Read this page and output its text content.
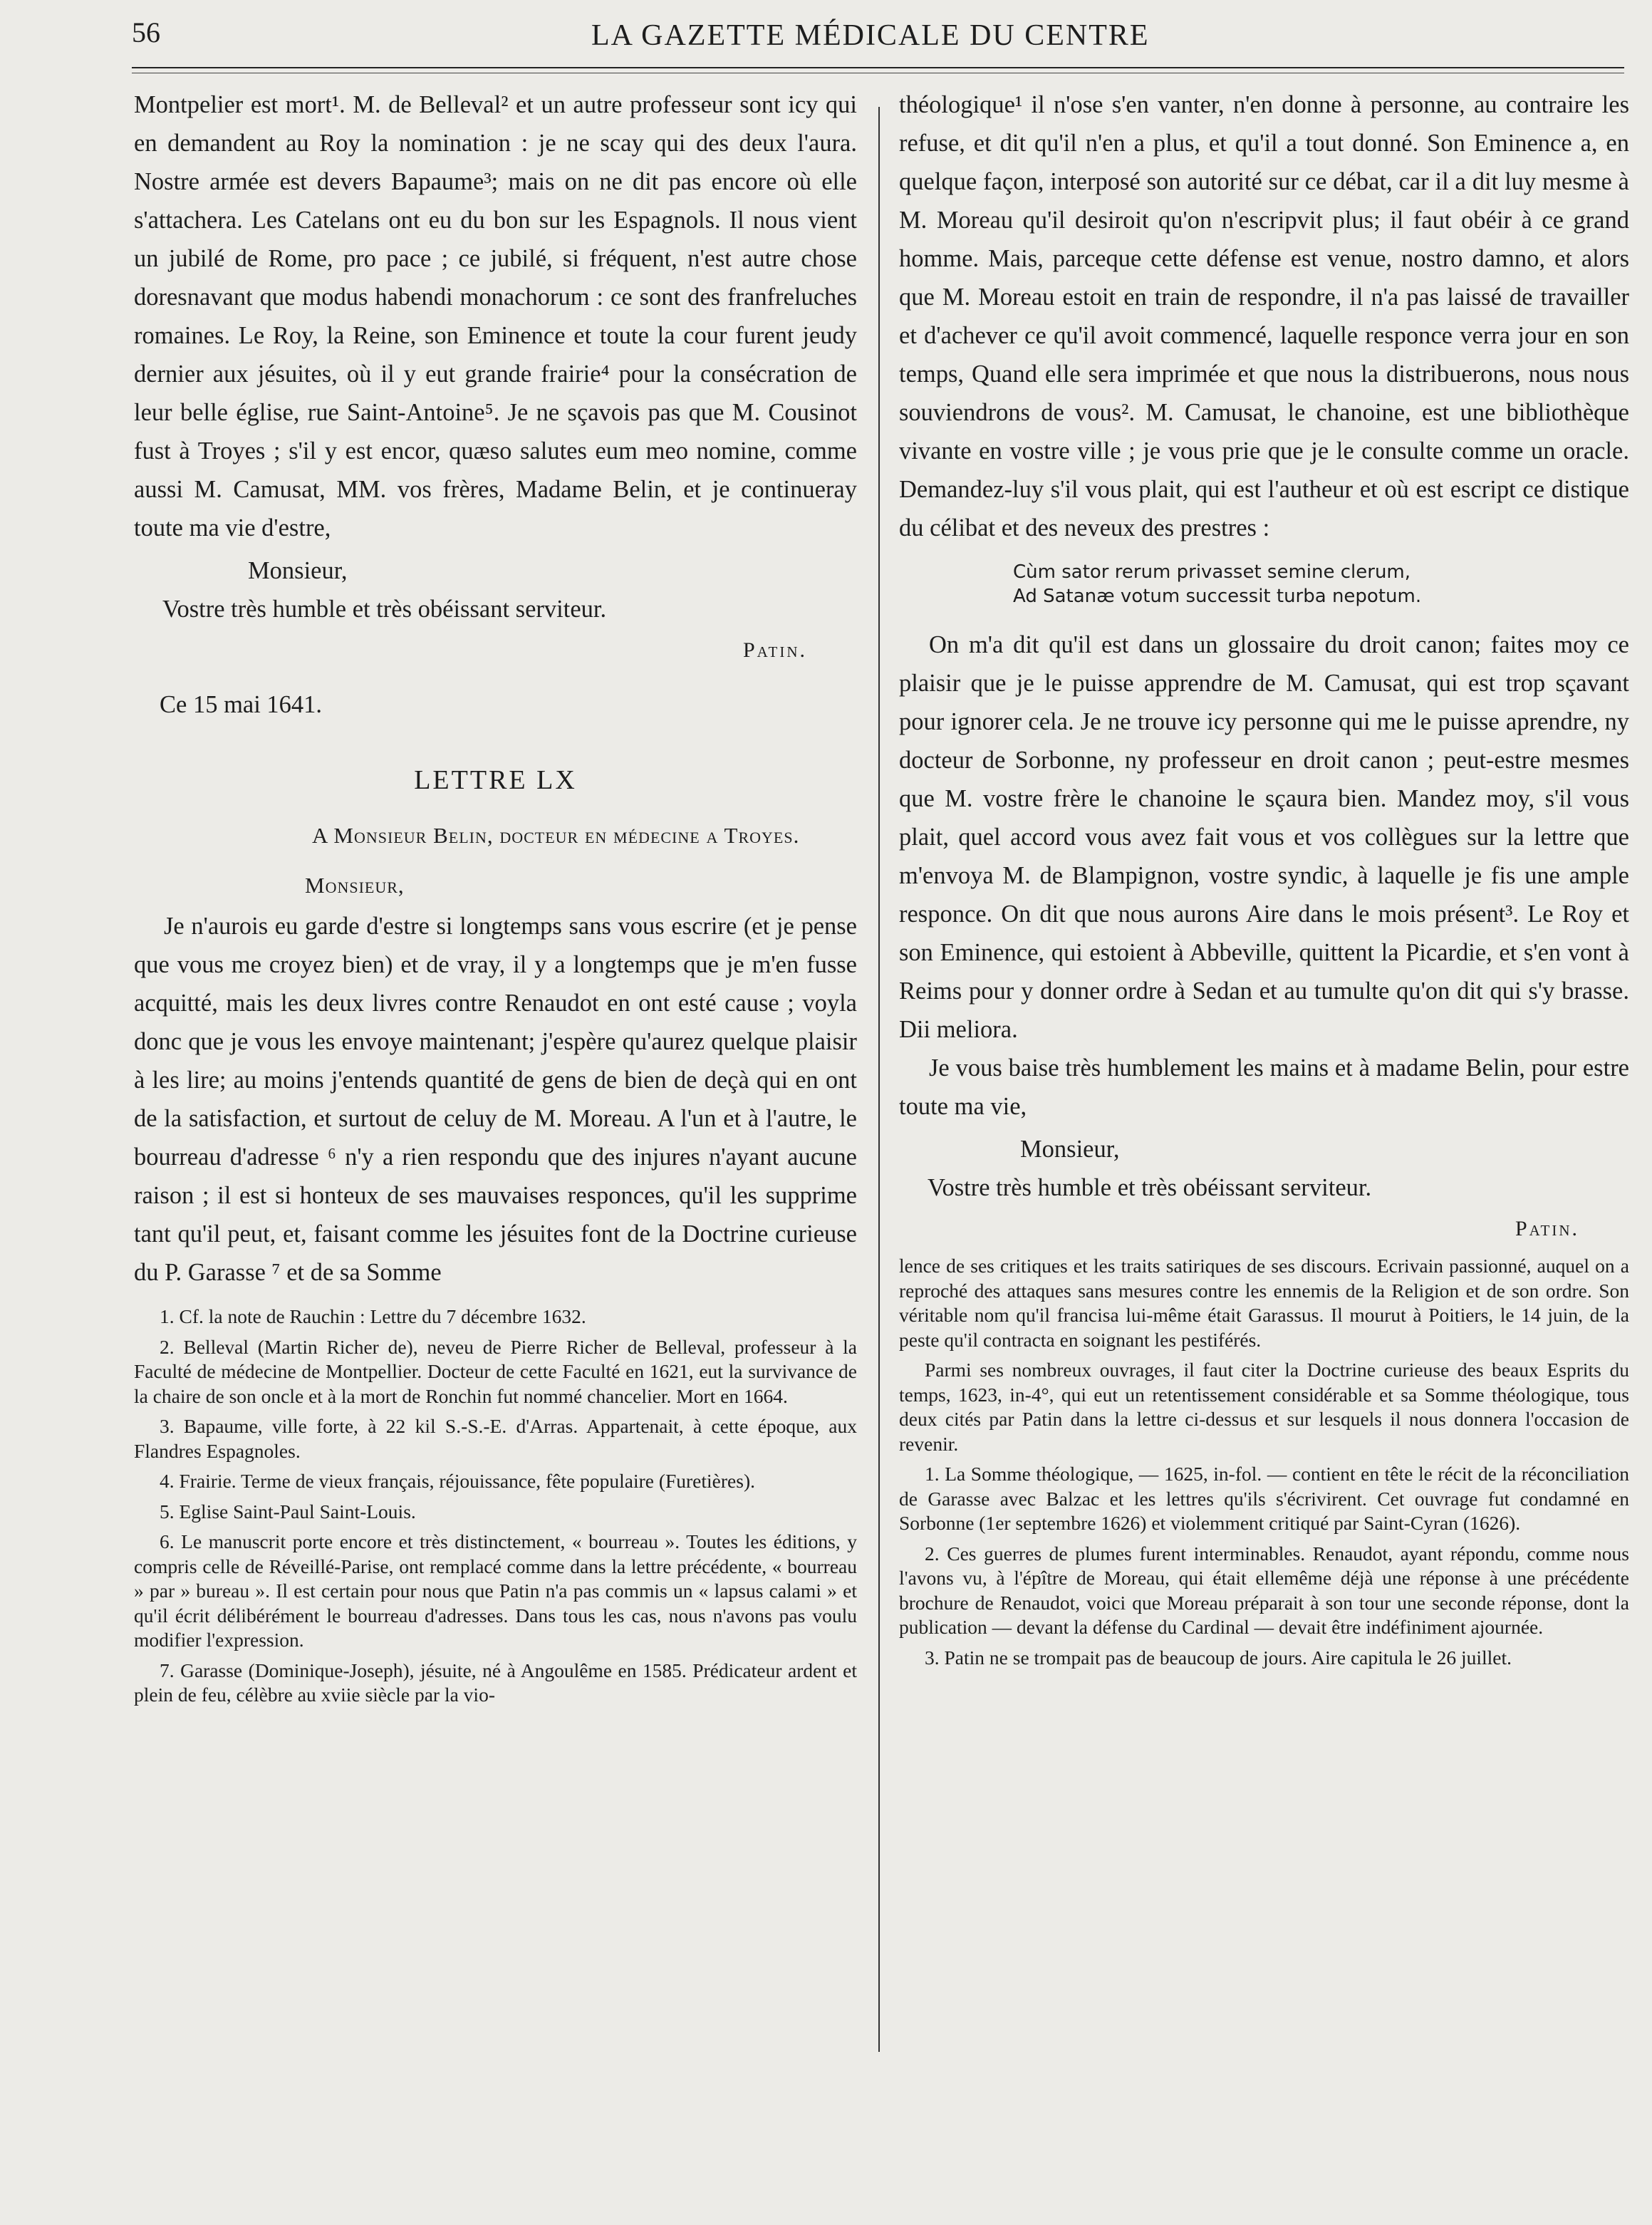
56	LA GAZETTE MÉDICALE DU CENTRE

Montpelier est mort¹. M. de Belleval² et un autre professeur sont icy qui en demandent au Roy la nomination : je ne scay qui des deux l'aura. Nostre armée est devers Bapaume³; mais on ne dit pas encore où elle s'attachera. Les Catelans ont eu du bon sur les Espagnols. Il nous vient un jubilé de Rome, pro pace ; ce jubilé, si fréquent, n'est autre chose doresnavant que modus habendi monachorum : ce sont des franfreluches romaines. Le Roy, la Reine, son Eminence et toute la cour furent jeudy dernier aux jésuites, où il y eut grande frairie⁴ pour la consécration de leur belle église, rue Saint-Antoine⁵. Je ne sçavois pas que M. Cousinot fust à Troyes ; s'il y est encor, quæso salutes eum meo nomine, comme aussi M. Camusat, MM. vos frères, Madame Belin, et je continueray toute ma vie d'estre,

Monsieur,

Vostre très humble et très obéissant serviteur.

Patin.

Ce 15 mai 1641.

LETTRE LX

A Monsieur Belin, docteur en médecine a Troyes.

Monsieur,

Je n'aurois eu garde d'estre si longtemps sans vous escrire (et je pense que vous me croyez bien) et de vray, il y a longtemps que je m'en fusse acquitté, mais les deux livres contre Renaudot en ont esté cause ; voyla donc que je vous les envoye maintenant; j'espère qu'aurez quelque plaisir à les lire; au moins j'entends quantité de gens de bien de deçà qui en ont de la satisfaction, et surtout de celuy de M. Moreau. A l'un et à l'autre, le bourreau d'adresse ⁶ n'y a rien respondu que des injures n'ayant aucune raison ; il est si honteux de ses mauvaises responces, qu'il les supprime tant qu'il peut, et, faisant comme les jésuites font de la Doctrine curieuse du P. Garasse ⁷ et de sa Somme

1. Cf. la note de Rauchin : Lettre du 7 décembre 1632.

2. Belleval (Martin Richer de), neveu de Pierre Richer de Belleval, professeur à la Faculté de médecine de Montpellier. Docteur de cette Faculté en 1621, eut la survivance de la chaire de son oncle et à la mort de Ronchin fut nommé chancelier. Mort en 1664.

3. Bapaume, ville forte, à 22 kil S.-S.-E. d'Arras. Appartenait, à cette époque, aux Flandres Espagnoles.

4. Frairie. Terme de vieux français, réjouissance, fête populaire (Furetières).

5. Eglise Saint-Paul Saint-Louis.

6. Le manuscrit porte encore et très distinctement, « bourreau ». Toutes les éditions, y compris celle de Réveillé-Parise, ont remplacé comme dans la lettre précédente, « bourreau » par » bureau ». Il est certain pour nous que Patin n'a pas commis un « lapsus calami » et qu'il écrit délibérément le bourreau d'adresses. Dans tous les cas, nous n'avons pas voulu modifier l'expression.

7. Garasse (Dominique-Joseph), jésuite, né à Angoulême en 1585. Prédicateur ardent et plein de feu, célèbre au xviie siècle par la vio-

théologique¹ il n'ose s'en vanter, n'en donne à personne, au contraire les refuse, et dit qu'il n'en a plus, et qu'il a tout donné. Son Eminence a, en quelque façon, interposé son autorité sur ce débat, car il a dit luy mesme à M. Moreau qu'il desiroit qu'on n'escripvit plus; il faut obéir à ce grand homme. Mais, parceque cette défense est venue, nostro damno, et alors que M. Moreau estoit en train de respondre, il n'a pas laissé de travailler et d'achever ce qu'il avoit commencé, laquelle responce verra jour en son temps, Quand elle sera imprimée et que nous la distribuerons, nous nous souviendrons de vous². M. Camusat, le chanoine, est une bibliothèque vivante en vostre ville ; je vous prie que je le consulte comme un oracle. Demandez-luy s'il vous plait, qui est l'autheur et où est escript ce distique du célibat et des neveux des prestres :

Cùm sator rerum privasset semine clerum,
Ad Satanæ votum successit turba nepotum.

On m'a dit qu'il est dans un glossaire du droit canon; faites moy ce plaisir que je le puisse apprendre de M. Camusat, qui est trop sçavant pour ignorer cela. Je ne trouve icy personne qui me le puisse aprendre, ny docteur de Sorbonne, ny professeur en droit canon ; peut-estre mesmes que M. vostre frère le chanoine le sçaura bien. Mandez moy, s'il vous plait, quel accord vous avez fait vous et vos collègues sur la lettre que m'envoya M. de Blampignon, vostre syndic, à laquelle je fis une ample responce. On dit que nous aurons Aire dans le mois présent³. Le Roy et son Eminence, qui estoient à Abbeville, quittent la Picardie, et s'en vont à Reims pour y donner ordre à Sedan et au tumulte qu'on dit qui s'y brasse. Dii meliora.

Je vous baise très humblement les mains et à madame Belin, pour estre toute ma vie,

Monsieur,

Vostre très humble et très obéissant serviteur.

Patin.

lence de ses critiques et les traits satiriques de ses discours. Ecrivain passionné, auquel on a reproché des attaques sans mesures contre les ennemis de la Religion et de son ordre. Son véritable nom qu'il francisa lui-même était Garassus. Il mourut à Poitiers, le 14 juin, de la peste qu'il contracta en soignant les pestiférés.

Parmi ses nombreux ouvrages, il faut citer la Doctrine curieuse des beaux Esprits du temps, 1623, in-4°, qui eut un retentissement considérable et sa Somme théologique, tous deux cités par Patin dans la lettre ci-dessus et sur lesquels il nous donnera l'occasion de revenir.

1. La Somme théologique, — 1625, in-fol. — contient en tête le récit de la réconciliation de Garasse avec Balzac et les lettres qu'ils s'écrivirent. Cet ouvrage fut condamné en Sorbonne (1er septembre 1626) et violemment critiqué par Saint-Cyran (1626).

2. Ces guerres de plumes furent interminables. Renaudot, ayant répondu, comme nous l'avons vu, à l'épître de Moreau, qui était ellemême déjà une réponse à une précédente brochure de Renaudot, voici que Moreau préparait à son tour une seconde réponse, dont la publication — devant la défense du Cardinal — devait être indéfiniment ajournée.

3. Patin ne se trompait pas de beaucoup de jours. Aire capitula le 26 juillet.
